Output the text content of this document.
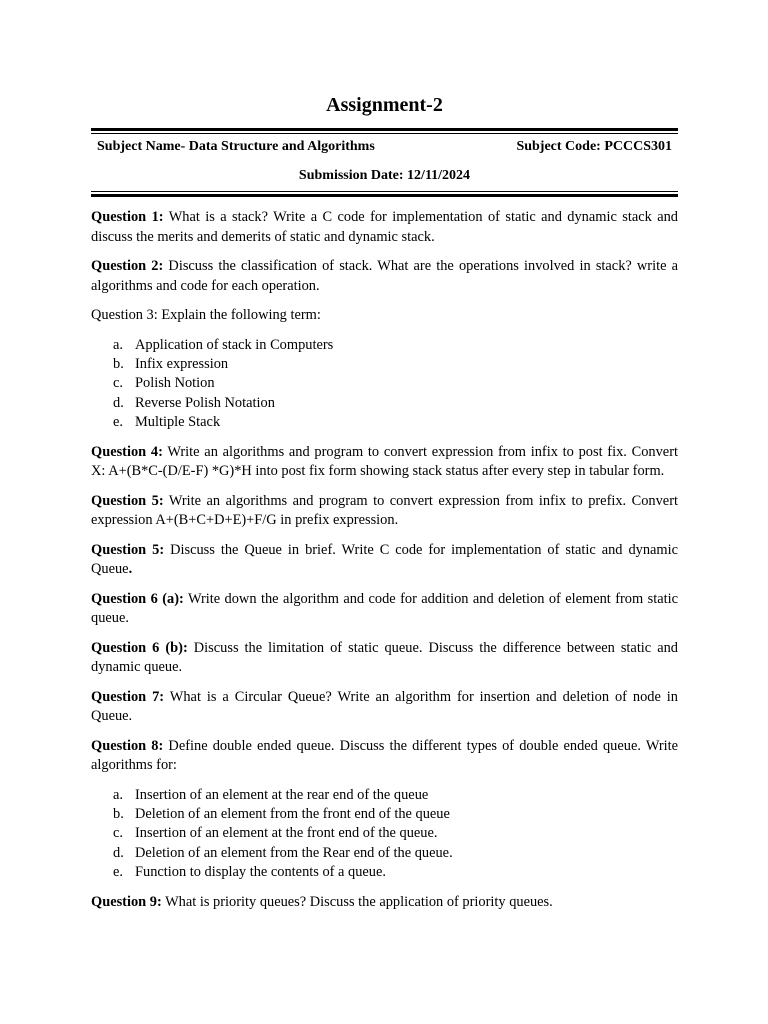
Assignment-2
Subject Name- Data Structure and Algorithms	Subject Code: PCCCS301
Submission Date: 12/11/2024

Question 1: What is a stack? Write a C code for implementation of static and dynamic stack and discuss the merits and demerits of static and dynamic stack.

Question 2: Discuss the classification of stack. What are the operations involved in stack? write a algorithms and code for each operation.

Question 3: Explain the following term:

a. Application of stack in Computers
b. Infix expression
c. Polish Notion
d. Reverse Polish Notation
e. Multiple Stack

Question 4: Write an algorithms and program to convert expression from infix to post fix. Convert X: A+(B*C-(D/E-F) *G)*H into post fix form showing stack status after every step in tabular form.

Question 5: Write an algorithms and program to convert expression from infix to prefix. Convert expression A+(B+C+D+E)+F/G in prefix expression.

Question 5: Discuss the Queue in brief. Write C code for implementation of static and dynamic Queue.

Question 6 (a): Write down the algorithm and code for addition and deletion of element from static queue.

Question 6 (b): Discuss the limitation of static queue. Discuss the difference between static and dynamic queue.

Question 7: What is a Circular Queue? Write an algorithm for insertion and deletion of node in Queue.

Question 8: Define double ended queue. Discuss the different types of double ended queue. Write algorithms for:

a. Insertion of an element at the rear end of the queue
b. Deletion of an element from the front end of the queue
c. Insertion of an element at the front end of the queue.
d. Deletion of an element from the Rear end of the queue.
e. Function to display the contents of a queue.

Question 9: What is priority queues? Discuss the application of priority queues.
